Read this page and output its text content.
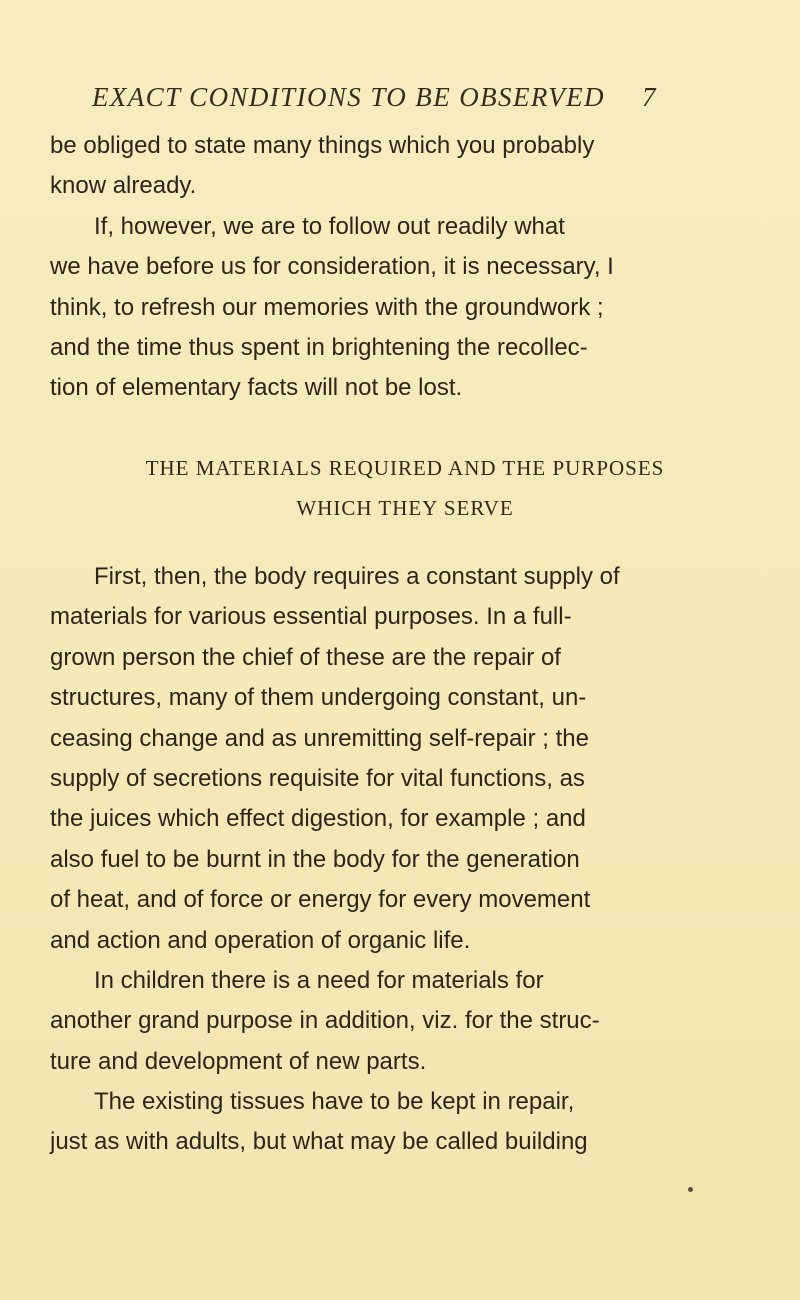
EXACT CONDITIONS TO BE OBSERVED 7
be obliged to state many things which you probably
know already.
If, however, we are to follow out readily what
we have before us for consideration, it is necessary, I
think, to refresh our memories with the groundwork ;
and the time thus spent in brightening the recollec-
tion of elementary facts will not be lost.
THE MATERIALS REQUIRED AND THE PURPOSES
WHICH THEY SERVE
First, then, the body requires a constant supply of
materials for various essential purposes. In a full-
grown person the chief of these are the repair of
structures, many of them undergoing constant, un-
ceasing change and as unremitting self-repair ; the
supply of secretions requisite for vital functions, as
the juices which effect digestion, for example ; and
also fuel to be burnt in the body for the generation
of heat, and of force or energy for every movement
and action and operation of organic life.
In children there is a need for materials for
another grand purpose in addition, viz. for the struc-
ture and development of new parts.
The existing tissues have to be kept in repair,
just as with adults, but what may be called building
